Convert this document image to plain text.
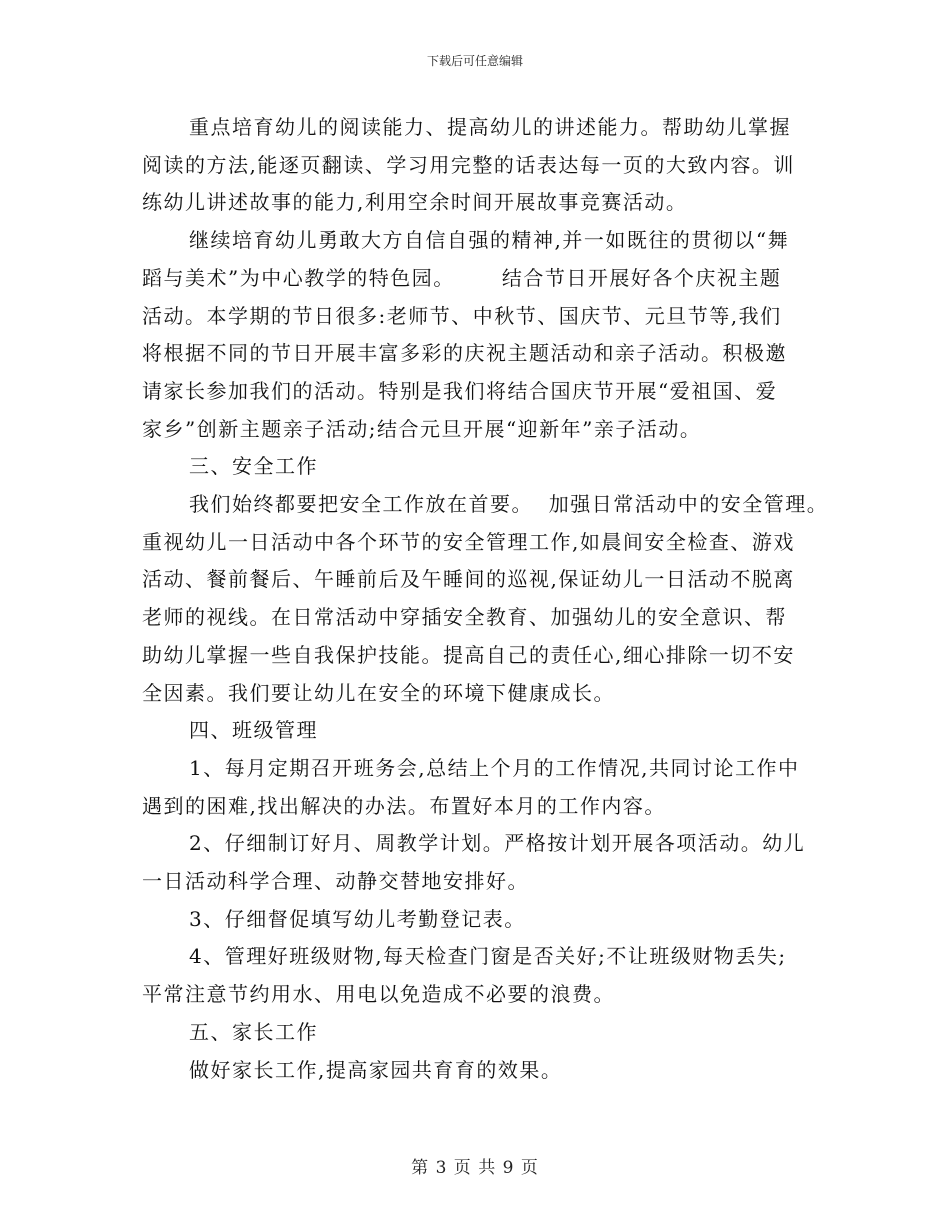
下载后可任意编辑
重点培育幼儿的阅读能力、提高幼儿的讲述能力。帮助幼儿掌握
阅读的方法,能逐页翻读、学习用完整的话表达每一页的大致内容。训
练幼儿讲述故事的能力,利用空余时间开展故事竞赛活动。
继续培育幼儿勇敢大方自信自强的精神,并一如既往的贯彻以“舞
蹈与美术”为中心教学的特色园。      结合节日开展好各个庆祝主题
活动。本学期的节日很多:老师节、中秋节、国庆节、元旦节等,我们
将根据不同的节日开展丰富多彩的庆祝主题活动和亲子活动。积极邀
请家长参加我们的活动。特别是我们将结合国庆节开展“爱祖国、爱
家乡”创新主题亲子活动;结合元旦开展“迎新年”亲子活动。
三、安全工作
我们始终都要把安全工作放在首要。  加强日常活动中的安全管理。
重视幼儿一日活动中各个环节的安全管理工作,如晨间安全检查、游戏
活动、餐前餐后、午睡前后及午睡间的巡视,保证幼儿一日活动不脱离
老师的视线。在日常活动中穿插安全教育、加强幼儿的安全意识、帮
助幼儿掌握一些自我保护技能。提高自己的责任心,细心排除一切不安
全因素。我们要让幼儿在安全的环境下健康成长。
四、班级管理
1、每月定期召开班务会,总结上个月的工作情况,共同讨论工作中
遇到的困难,找出解决的办法。布置好本月的工作内容。
2、仔细制订好月、周教学计划。严格按计划开展各项活动。幼儿
一日活动科学合理、动静交替地安排好。
3、仔细督促填写幼儿考勤登记表。
4、管理好班级财物,每天检查门窗是否关好;不让班级财物丢失;
平常注意节约用水、用电以免造成不必要的浪费。
五、家长工作
做好家长工作,提高家园共育育的效果。
第 3 页 共 9 页
